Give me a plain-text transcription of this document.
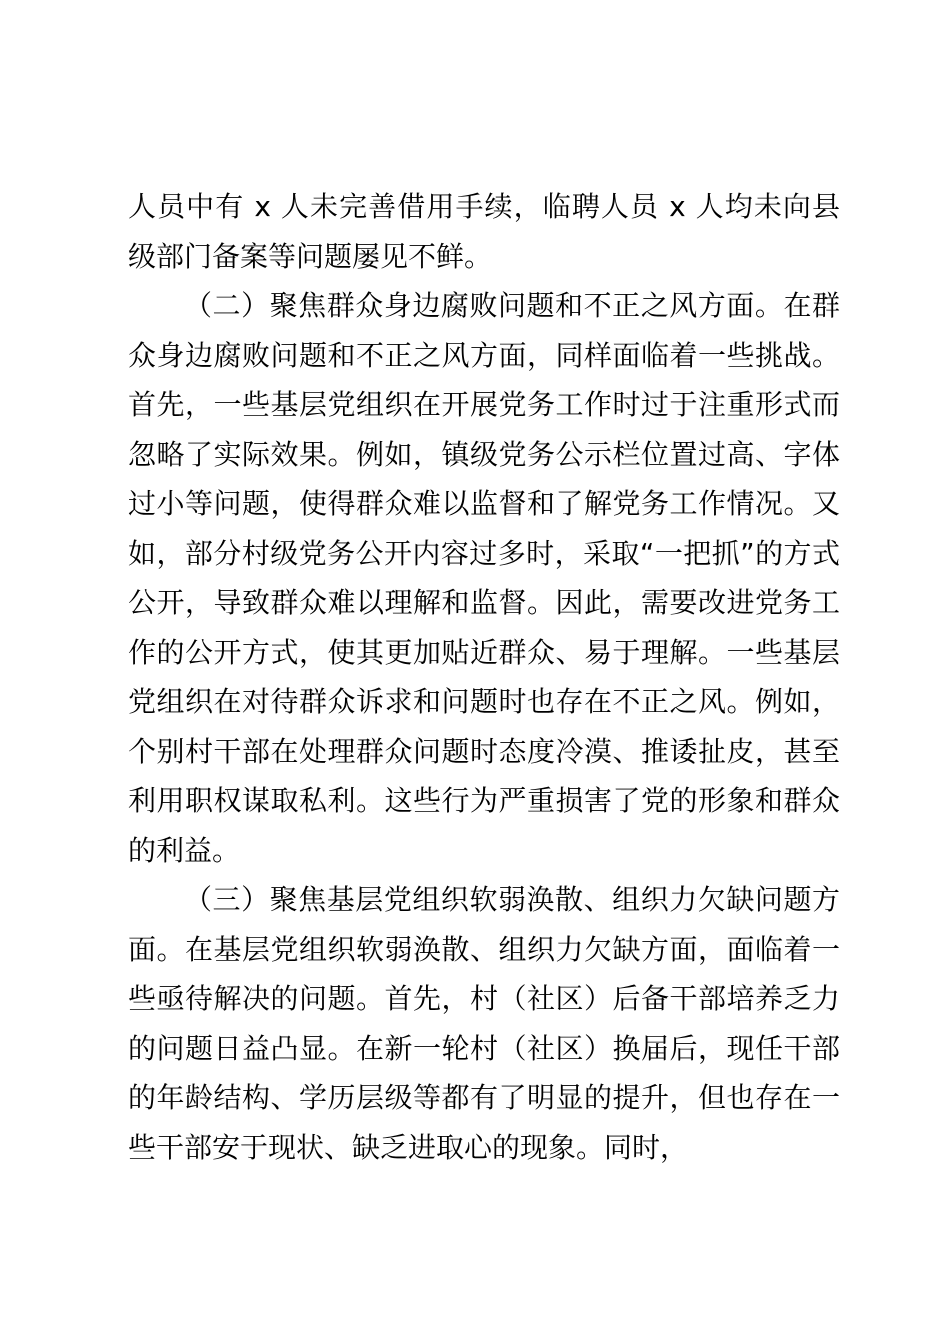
人员中有 x 人未完善借用手续，临聘人员 x 人均未向县级部门备案等问题屡见不鲜。

（二）聚焦群众身边腐败问题和不正之风方面。在群众身边腐败问题和不正之风方面，同样面临着一些挑战。首先，一些基层党组织在开展党务工作时过于注重形式而忽略了实际效果。例如，镇级党务公示栏位置过高、字体过小等问题，使得群众难以监督和了解党务工作情况。又如，部分村级党务公开内容过多时，采取“一把抓”的方式公开，导致群众难以理解和监督。因此，需要改进党务工作的公开方式，使其更加贴近群众、易于理解。一些基层党组织在对待群众诉求和问题时也存在不正之风。例如，个别村干部在处理群众问题时态度冷漠、推诿扯皮，甚至利用职权谋取私利。这些行为严重损害了党的形象和群众的利益。

（三）聚焦基层党组织软弱涣散、组织力欠缺问题方面。在基层党组织软弱涣散、组织力欠缺方面，面临着一些亟待解决的问题。首先，村（社区）后备干部培养乏力的问题日益凸显。在新一轮村（社区）换届后，现任干部的年龄结构、学历层级等都有了明显的提升，但也存在一些干部安于现状、缺乏进取心的现象。同时，
